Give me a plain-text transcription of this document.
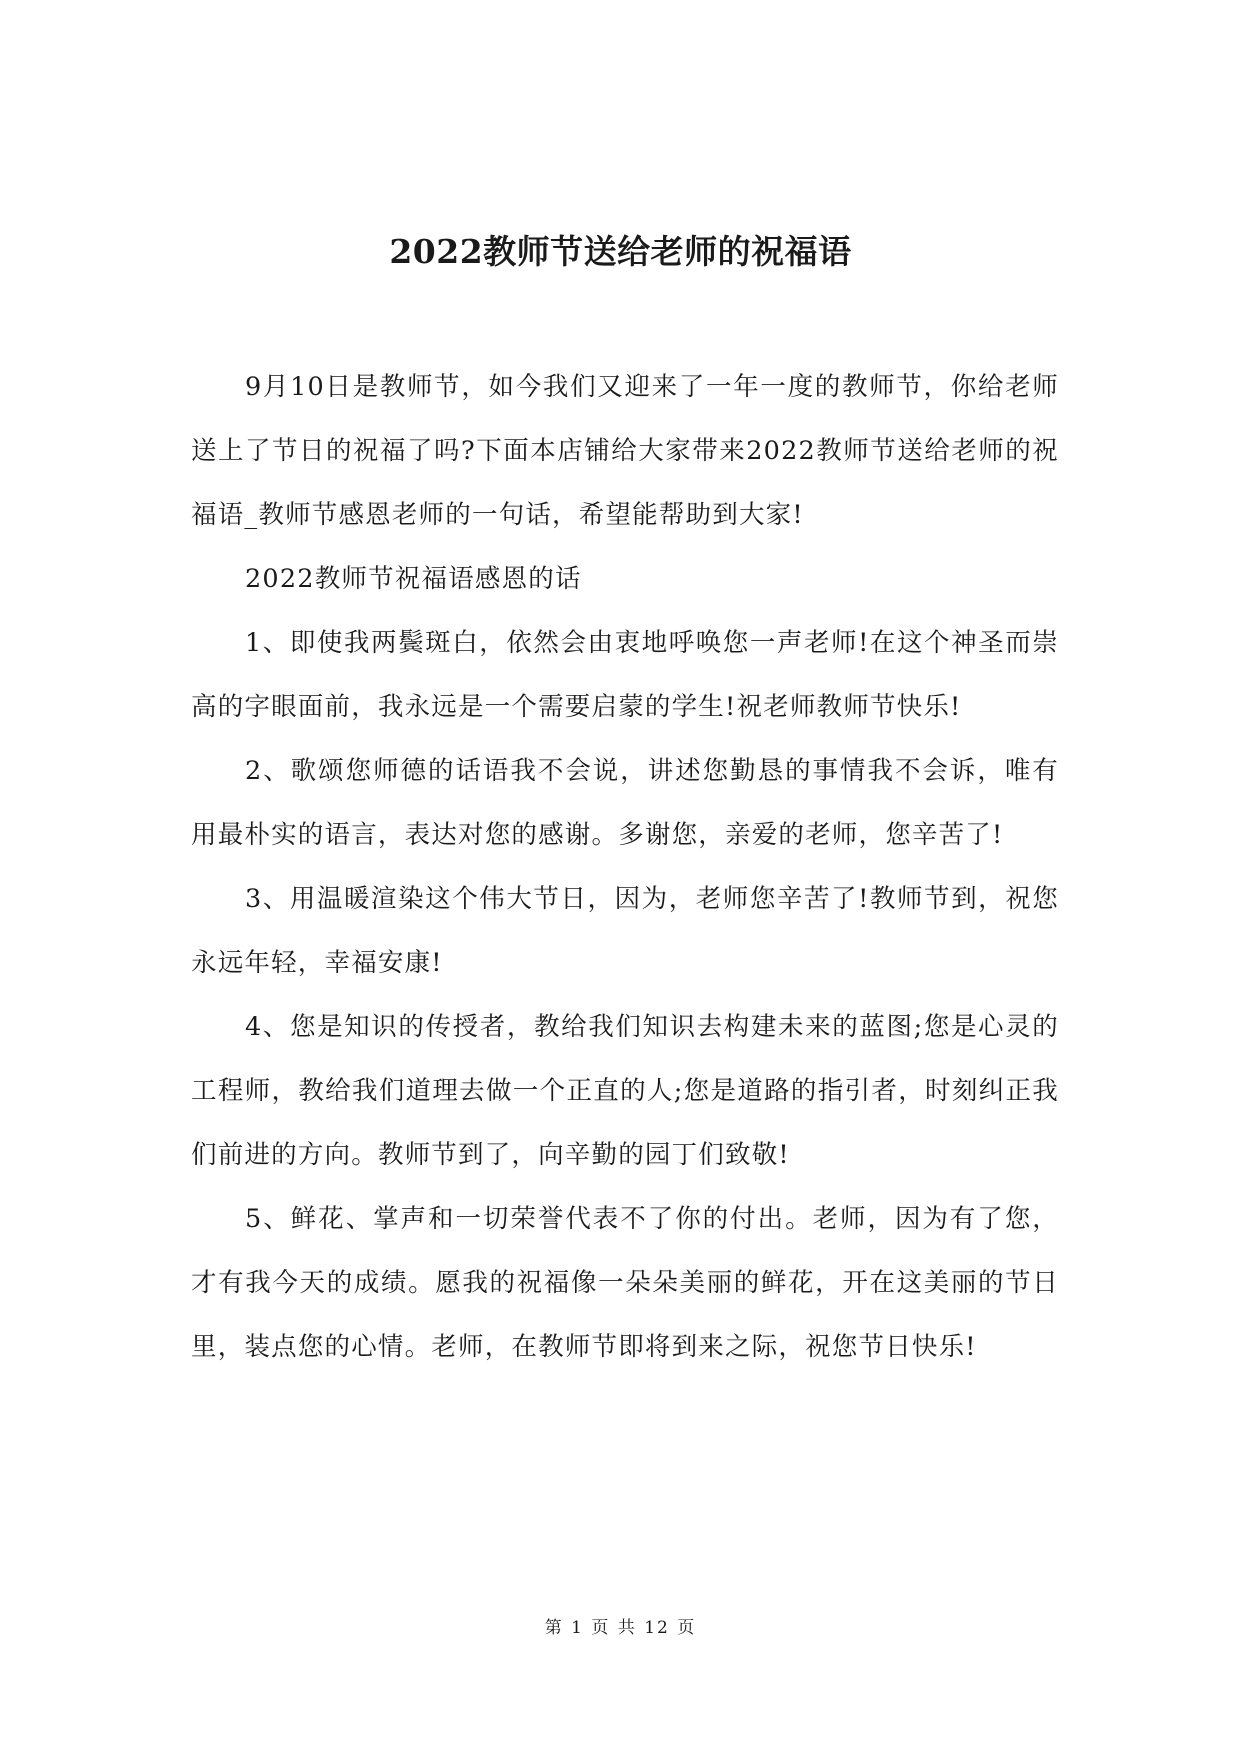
2022教师节送给老师的祝福语

9月10日是教师节，如今我们又迎来了一年一度的教师节，你给老师送上了节日的祝福了吗?下面本店铺给大家带来2022教师节送给老师的祝福语_教师节感恩老师的一句话，希望能帮助到大家!

2022教师节祝福语感恩的话

1、即使我两鬓斑白，依然会由衷地呼唤您一声老师!在这个神圣而崇高的字眼面前，我永远是一个需要启蒙的学生!祝老师教师节快乐!

2、歌颂您师德的话语我不会说，讲述您勤恳的事情我不会诉，唯有用最朴实的语言，表达对您的感谢。多谢您，亲爱的老师，您辛苦了!

3、用温暖渲染这个伟大节日，因为，老师您辛苦了!教师节到，祝您永远年轻，幸福安康!

4、您是知识的传授者，教给我们知识去构建未来的蓝图;您是心灵的工程师，教给我们道理去做一个正直的人;您是道路的指引者，时刻纠正我们前进的方向。教师节到了，向辛勤的园丁们致敬!

5、鲜花、掌声和一切荣誉代表不了你的付出。老师，因为有了您，才有我今天的成绩。愿我的祝福像一朵朵美丽的鲜花，开在这美丽的节日里，装点您的心情。老师，在教师节即将到来之际，祝您节日快乐!

第 1 页 共 12 页
